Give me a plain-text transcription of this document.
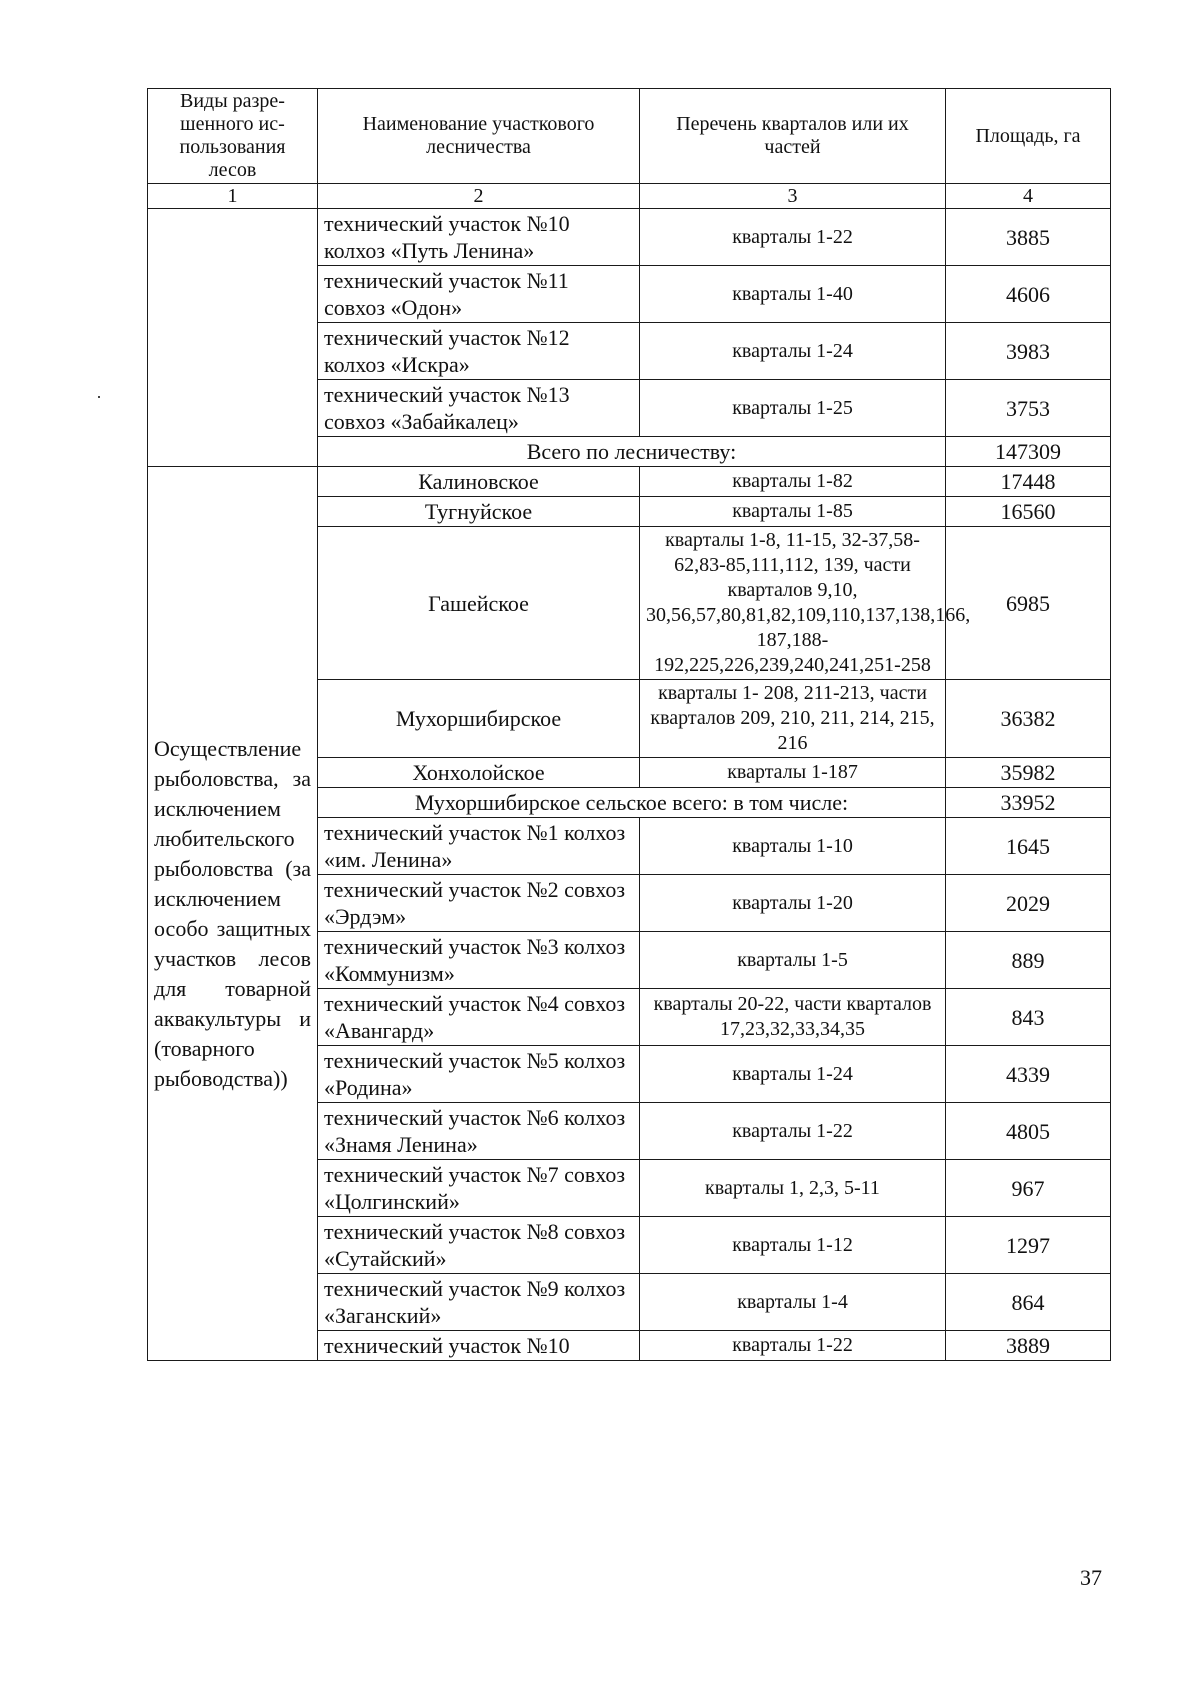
Виды разре-шенного ис-пользования лесов	Наименование участкового лесничества	Перечень кварталов или их частей	Площадь, га
1	2	3	4
	технический участок №10 колхоз «Путь Ленина»	кварталы 1-22	3885
	технический участок №11 совхоз «Одон»	кварталы 1-40	4606
	технический участок №12 колхоз «Искра»	кварталы 1-24	3983
	технический участок №13 совхоз «Забайкалец»	кварталы 1-25	3753
	Всего по лесничеству:		147309
Осуществление рыболовства, за исключением любительского рыболовства (за исключением особо защитных участков лесов для товарной аквакультуры и (товарного рыбоводства))	Калиновское	кварталы 1-82	17448
	Тугнуйское	кварталы 1-85	16560
	Гашейское	кварталы 1-8, 11-15, 32-37,58-62,83-85,111,112, 139, части кварталов 9,10, 30,56,57,80,81,82,109,110,137,138,166, 187,188-192,225,226,239,240,241,251-258	6985
	Мухоршибирское	кварталы 1- 208, 211-213, части кварталов 209, 210, 211, 214, 215, 216	36382
	Хонхолойское	кварталы 1-187	35982
	Мухоршибирское сельское всего: в том числе:		33952
	технический участок №1 колхоз «им. Ленина»	кварталы 1-10	1645
	технический участок №2 совхоз «Эрдэм»	кварталы 1-20	2029
	технический участок №3 колхоз «Коммунизм»	кварталы 1-5	889
	технический участок №4 совхоз «Авангард»	кварталы 20-22, части кварталов 17,23,32,33,34,35	843
	технический участок №5 колхоз «Родина»	кварталы 1-24	4339
	технический участок №6 колхоз «Знамя Ленина»	кварталы 1-22	4805
	технический участок №7 совхоз «Цолгинский»	кварталы 1, 2,3, 5-11	967
	технический участок №8 совхоз «Сутайский»	кварталы 1-12	1297
	технический участок №9 колхоз «Заганский»	кварталы 1-4	864
	технический участок №10	кварталы 1-22	3889
37
